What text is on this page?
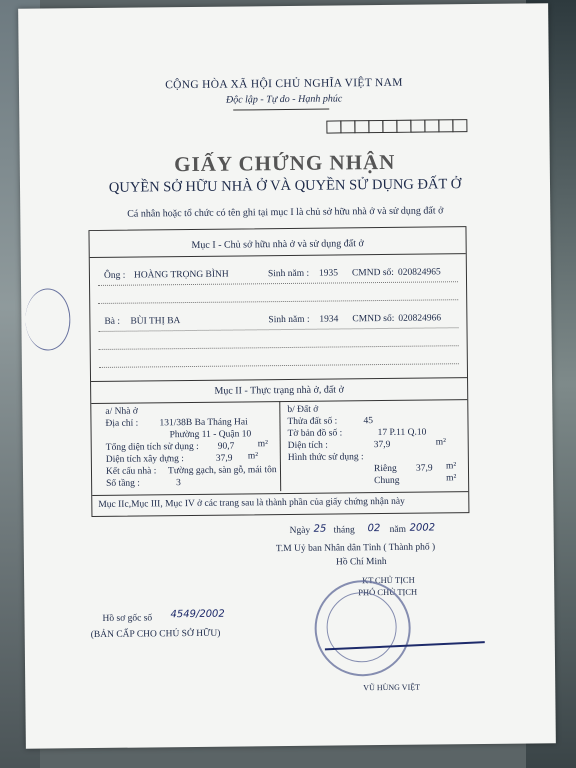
CỘNG HÒA XÃ HỘI CHỦ NGHĨA VIỆT NAM
Độc lập - Tự do - Hạnh phúc
GIẤY CHỨNG NHẬN
QUYỀN SỞ HỮU NHÀ Ở VÀ QUYỀN SỬ DỤNG ĐẤT Ở
Cá nhân hoặc tổ chức có tên ghi tại mục I là chủ sở hữu nhà ở và sử dụng đất ở
Mục I - Chủ sở hữu nhà ở và sử dụng đất ở
Ông : HOÀNG TRỌNG BÌNH	Sinh năm : 1935 CMND số: 020824965
Bà : BÙI THỊ BA	Sinh năm : 1934 CMND số: 020824966
Mục II - Thực trạng nhà ở, đất ở
a/ Nhà ở
Địa chỉ : 131/38B Ba Tháng Hai
Phường 11 - Quận 10
Tổng diện tích sử dụng : 90,7 m²
Diện tích xây dựng :	37,9 m²
Kết cấu nhà : Tường gạch, sàn gỗ, mái tôn
Số tầng :	3
b/ Đất ở
Thửa đất số :	45
Tờ bản đồ số :	17 P.11 Q.10
Diện tích :	37,9	m²
Hình thức sử dụng :
Riêng 37,9 m²
Chung	m²
Mục IIc,Mục III, Mục IV ở các trang sau là thành phần của giấy chứng nhận này
Ngày 25 tháng 02 năm 2002
T.M Uỷ ban Nhân dân Tỉnh ( Thành phố )
Hồ Chí Minh
KT.CHỦ TỊCH
PHÓ CHỦ TỊCH
VŨ HÙNG VIỆT
Hồ sơ gốc số 4549/2002
(BẢN CẤP CHO CHỦ SỞ HỮU)
